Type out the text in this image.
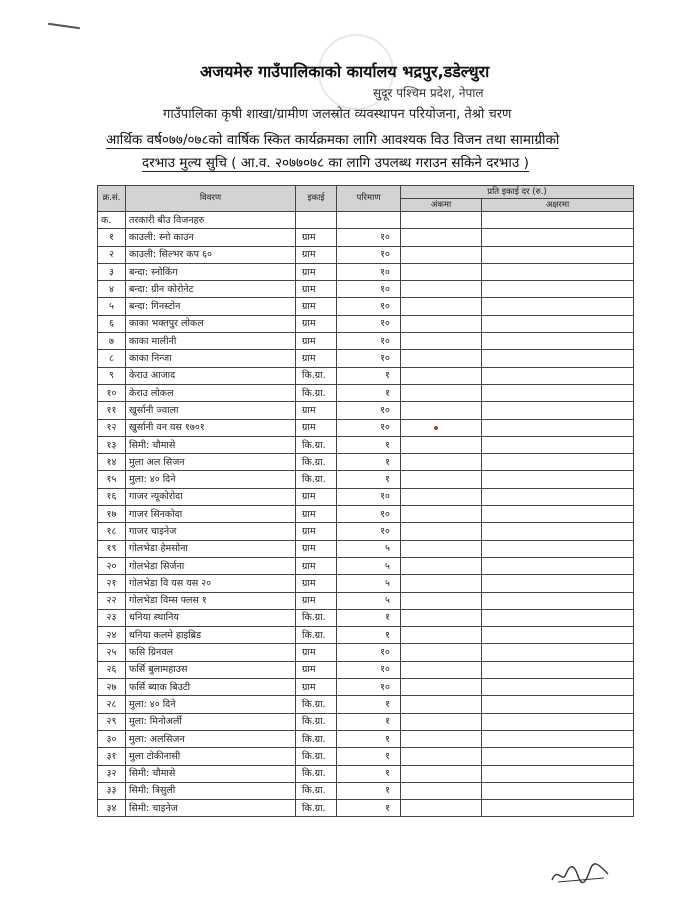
अजयमेरु गाउँपालिकाको कार्यालय भद्रपुर,डडेल्धुरा
सुदूर पश्चिम प्रदेश, नेपाल
गाउँपालिका कृषी शाखा/ग्रामीण जलस्रोत व्यवस्थापन परियोजना, तेश्रो चरण
आर्थिक वर्ष०७७/०७८को वार्षिक स्कित कार्यक्रमका लागि आवश्यक विउ विजन तथा सामाग्रीको
दरभाउ मुल्य सुचि ( आ.व. २०७७०७८ का लागि उपलब्ध गराउन सकिने दरभाउ )
क्र.सं.	विवरण	इकाई	परिमाण	प्रति इकाई दर (रु.)	
				अंकमा	अक्षरमा
क.	तरकारी बीउ विजनहरु				
१	काउली: स्नो काउन	ग्राम	१०		
२	काउली: सिल्भर कप ६०	ग्राम	१०		
३	बन्दा: स्नोकिंग	ग्राम	१०		
४	बन्दा: ग्रीन कोरोनेट	ग्राम	१०		
५	बन्दा: गिनस्टोन	ग्राम	१०		
६	काका भक्तपुर लोकल	ग्राम	१०		
७	काका मालीनी	ग्राम	१०		
८	काका निन्जा	ग्राम	१०		
९	केराउ आजाद	कि.ग्रा.	१		
१०	केराउ लोकल	कि.ग्रा.	१		
११	खुर्सानी ज्वाला	ग्राम	१०		
१२	खुर्सानी वन यस १७०१	ग्राम	१०		
१३	सिमी: चौमासे	कि.ग्रा.	१		
१४	मुला अल सिजन	कि.ग्रा.	१		
१५	मुला: ४० दिने	कि.ग्रा.	१		
१६	गाजर न्यूकोरोदा	ग्राम	१०		
१७	गाजर सिनकोदा	ग्राम	१०		
१८	गाजर चाइनेज	ग्राम	१०		
१९	गोलभेडा हेमसोना	ग्राम	५		
२०	गोलभेडा सिर्जना	ग्राम	५		
२१	गोलभेडा वि यस यस २०	ग्राम	५		
२२	गोलभेडा विम्स फ्लस १	ग्राम	५		
२३	धनिया स्थानिय	कि.ग्रा.	१		
२४	धनिया कलमे हाइब्रिड	कि.ग्रा.	१		
२५	फसि ग्रिनवल	ग्राम	१०		
२६	फर्सि बुलामहाउस	ग्राम	१०		
२७	फर्सि ब्याक बिउटी	ग्राम	१०		
२८	मुला: ४० दिने	कि.ग्रा.	१		
२९	मुला: मिनोअर्ली	कि.ग्रा.	१		
३०	मुला: अलसिजन	कि.ग्रा.	१		
३१	मुला टोकीनासी	कि.ग्रा.	१		
३२	सिमी: चौमासे	कि.ग्रा.	१		
३३	सिमी: त्रिसुली	कि.ग्रा.	१		
३४	सिमी: चाइनेज	कि.ग्रा.	१		
